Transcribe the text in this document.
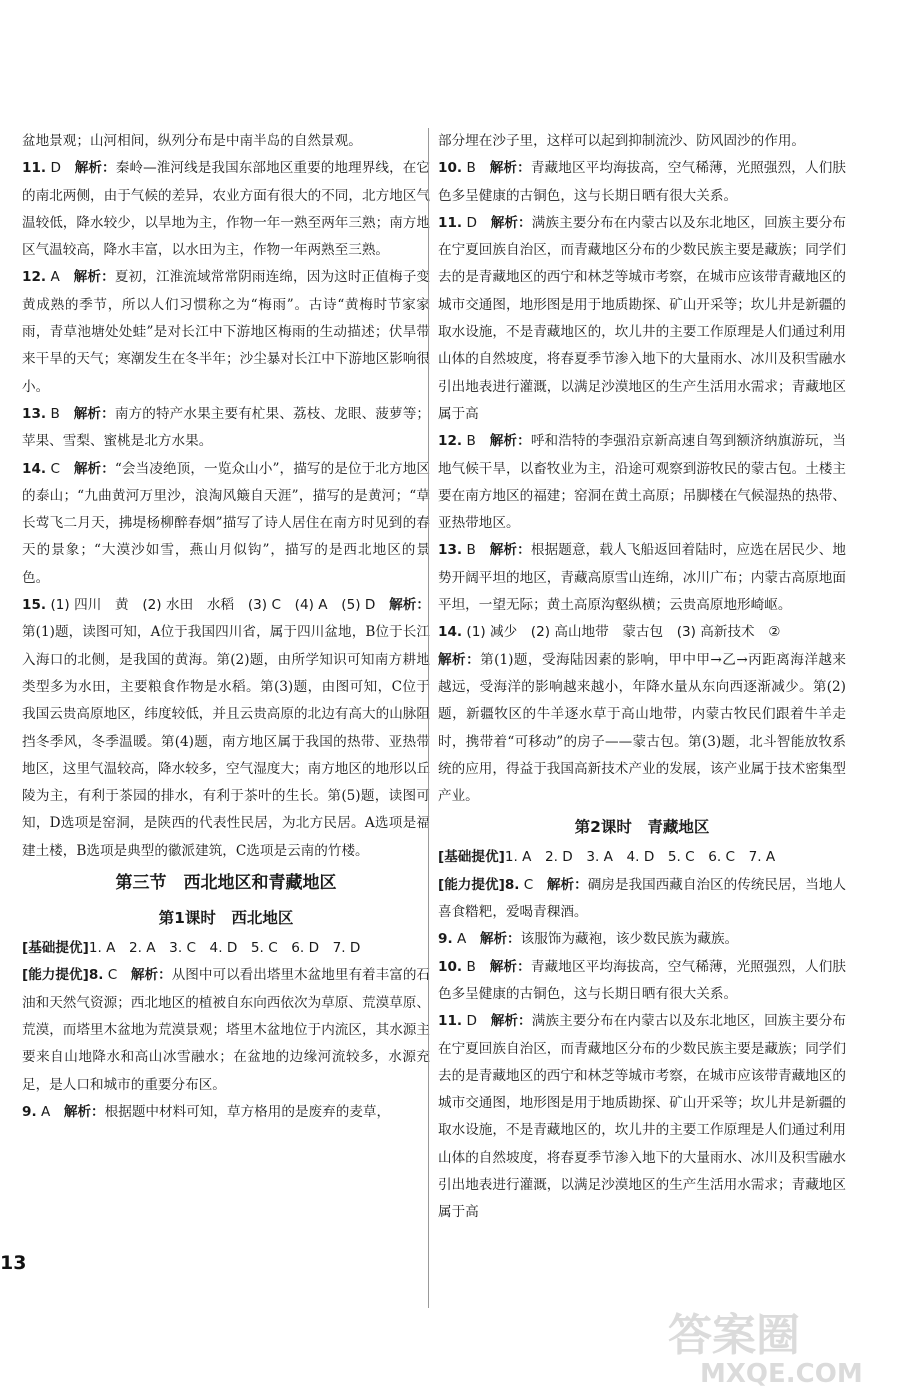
盆地景观；山河相间，纵列分布是中南半岛的自然景观。

11. D　 解析：秦岭—淮河线是我国东部地区重要的地理界线，在它的南北两侧，由于气候的差异，农业方面有很大的不同，北方地区气温较低，降水较少，以旱地为主，作物一年一熟至两年三熟；南方地区气温较高，降水丰富，以水田为主，作物一年两熟至三熟。

12. A　 解析：夏初，江淮流域常常阴雨连绵，因为这时正值梅子变黄成熟的季节，所以人们习惯称之为“梅雨”。古诗“黄梅时节家家雨，青草池塘处处蛙”是对长江中下游地区梅雨的生动描述；伏旱带来干旱的天气；寒潮发生在冬半年；沙尘暴对长江中下游地区影响很小。

13. B　 解析：南方的特产水果主要有杧果、荔枝、龙眼、菠萝等；苹果、雪梨、蜜桃是北方水果。

14. C　 解析：“会当凌绝顶，一览众山小”，描写的是位于北方地区的泰山；“九曲黄河万里沙，浪淘风簸自天涯”，描写的是黄河；“草长莺飞二月天，拂堤杨柳醉春烟”描写了诗人居住在南方时见到的春天的景象；“大漠沙如雪，燕山月似钩”，描写的是西北地区的景色。

15. (1) 四川　黄　(2) 水田　水稻　(3) C　(4) A　(5) D　 解析：第(1)题，读图可知，A位于我国四川省，属于四川盆地，B位于长江入海口的北侧，是我国的黄海。第(2)题，由所学知识可知南方耕地类型多为水田，主要粮食作物是水稻。第(3)题，由图可知，C位于我国云贵高原地区，纬度较低，并且云贵高原的北边有高大的山脉阻挡冬季风，冬季温暖。第(4)题，南方地区属于我国的热带、亚热带地区，这里气温较高，降水较多，空气湿度大；南方地区的地形以丘陵为主，有利于茶园的排水，有利于茶叶的生长。第(5)题，读图可知，D选项是窑洞，是陕西的代表性民居，为北方民居。A选项是福建土楼，B选项是典型的徽派建筑，C选项是云南的竹楼。

第三节　西北地区和青藏地区
第1课时　西北地区

[基础提优]1. A　2. A　3. C　4. D　5. C　6. D　7. D

[能力提优]8. C　 解析：从图中可以看出塔里木盆地里有着丰富的石油和天然气资源；西北地区的植被自东向西依次为草原、荒漠草原、荒漠，而塔里木盆地为荒漠景观；塔里木盆地位于内流区，其水源主要来自山地降水和高山冰雪融水；在盆地的边缘河流较多，水源充足，是人口和城市的重要分布区。

9. A　 解析：根据题中材料可知，草方格用的是废弃的麦草，

部分埋在沙子里，这样可以起到抑制流沙、防风固沙的作用。

10. B　 解析：青藏地区平均海拔高，空气稀薄，光照强烈，人们肤色多呈健康的古铜色，这与长期日晒有很大关系。

11. D　 解析：满族主要分布在内蒙古以及东北地区，回族主要分布在宁夏回族自治区，而青藏地区分布的少数民族主要是藏族；同学们去的是青藏地区的西宁和林芝等城市考察，在城市应该带青藏地区的城市交通图，地形图是用于地质勘探、矿山开采等；坎儿井是新疆的取水设施，不是青藏地区的，坎儿井的主要工作原理是人们通过利用山体的自然坡度，将春夏季节渗入地下的大量雨水、冰川及积雪融水引出地表进行灌溉，以满足沙漠地区的生产生活用水需求；青藏地区属于高

12. B　 解析：呼和浩特的李强沿京新高速自驾到额济纳旗游玩，当地气候干旱，以畜牧业为主，沿途可观察到游牧民的蒙古包。土楼主要在南方地区的福建；窑洞在黄土高原；吊脚楼在气候湿热的热带、亚热带地区。

13. B　 解析：根据题意，载人飞船返回着陆时，应选在居民少、地势开阔平坦的地区，青藏高原雪山连绵，冰川广布；内蒙古高原地面平坦，一望无际；黄土高原沟壑纵横；云贵高原地形崎岖。

14. (1) 减少　(2) 高山地带　蒙古包　(3) 高新技术　②
解析：第(1)题，受海陆因素的影响，甲中甲→乙→丙距离海洋越来越远，受海洋的影响越来越小，年降水量从东向西逐渐减少。第(2)题，新疆牧区的牛羊逐水草于高山地带，内蒙古牧民们跟着牛羊走时，携带着“可移动”的房子——蒙古包。第(3)题，北斗智能放牧系统的应用，得益于我国高新技术产业的发展，该产业属于技术密集型产业。

第2课时　青藏地区

[基础提优]1. A　2. D　3. A　4. D　5. C　6. C　7. A

[能力提优]8. C　 解析：碉房是我国西藏自治区的传统民居，当地人喜食糌粑，爱喝青稞酒。

9. A　 解析：该服饰为藏袍，该少数民族为藏族。

10. B　 解析：青藏地区平均海拔高，空气稀薄，光照强烈，人们肤色多呈健康的古铜色，这与长期日晒有很大关系。

11. D　 解析：满族主要分布在内蒙古以及东北地区，回族主要分布在宁夏回族自治区，而青藏地区分布的少数民族主要是藏族；同学们去的是青藏地区的西宁和林芝等城市考察，在城市应该带青藏地区的城市交通图，地形图是用于地质勘探、矿山开采等；坎儿井是新疆的取水设施，不是青藏地区的，坎儿井的主要工作原理是人们通过利用山体的自然坡度，将春夏季节渗入地下的大量雨水、冰川及积雪融水引出地表进行灌溉，以满足沙漠地区的生产生活用水需求；青藏地区属于高

13
答案圈
MXQE.COM
